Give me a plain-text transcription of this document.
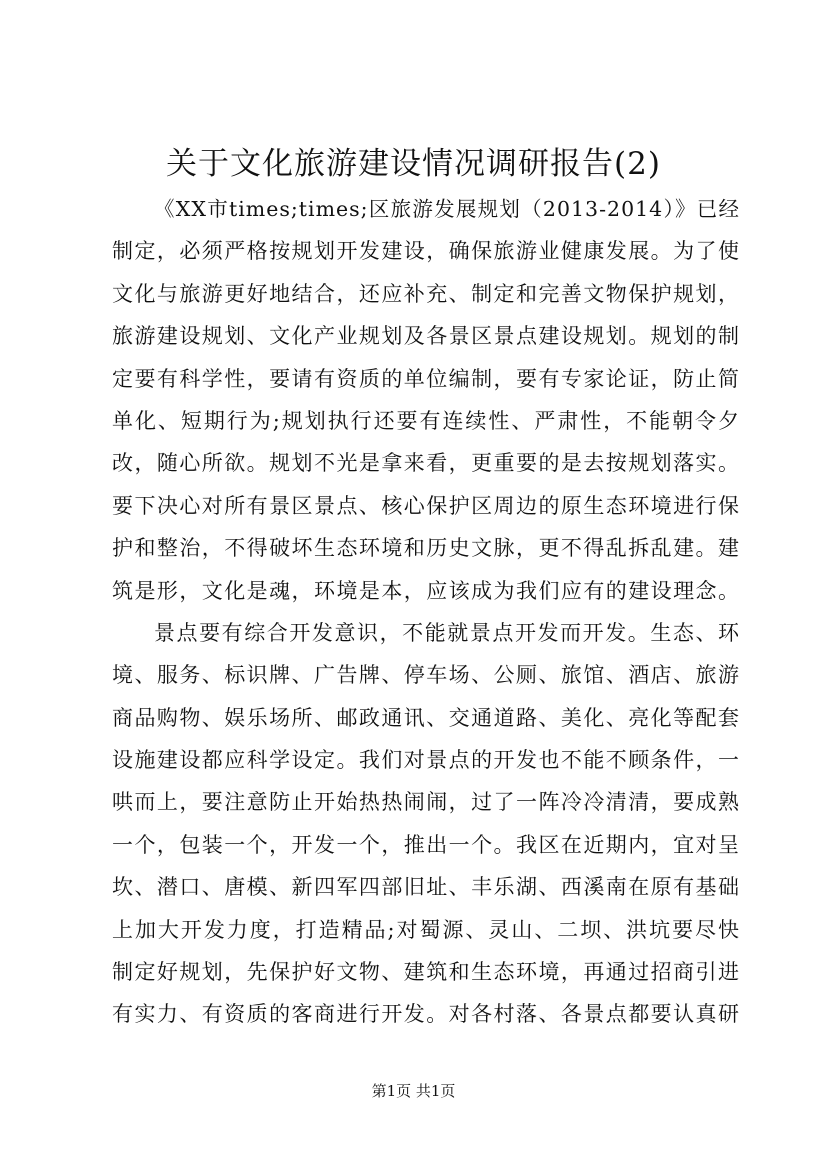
关于文化旅游建设情况调研报告(2)
《XX市times;times;区旅游发展规划（2013-2014）》已经
制定，必须严格按规划开发建设，确保旅游业健康发展。为了使
文化与旅游更好地结合，还应补充、制定和完善文物保护规划，
旅游建设规划、文化产业规划及各景区景点建设规划。规划的制
定要有科学性，要请有资质的单位编制，要有专家论证，防止简
单化、短期行为;规划执行还要有连续性、严肃性，不能朝令夕
改，随心所欲。规划不光是拿来看，更重要的是去按规划落实。
要下决心对所有景区景点、核心保护区周边的原生态环境进行保
护和整治，不得破坏生态环境和历史文脉，更不得乱拆乱建。建
筑是形，文化是魂，环境是本，应该成为我们应有的建设理念。
景点要有综合开发意识，不能就景点开发而开发。生态、环
境、服务、标识牌、广告牌、停车场、公厕、旅馆、酒店、旅游
商品购物、娱乐场所、邮政通讯、交通道路、美化、亮化等配套
设施建设都应科学设定。我们对景点的开发也不能不顾条件，一
哄而上，要注意防止开始热热闹闹，过了一阵冷冷清清，要成熟
一个，包装一个，开发一个，推出一个。我区在近期内，宜对呈
坎、潜口、唐模、新四军四部旧址、丰乐湖、西溪南在原有基础
上加大开发力度，打造精品;对蜀源、灵山、二坝、洪坑要尽快
制定好规划，先保护好文物、建筑和生态环境，再通过招商引进
有实力、有资质的客商进行开发。对各村落、各景点都要认真研
第1页 共1页
